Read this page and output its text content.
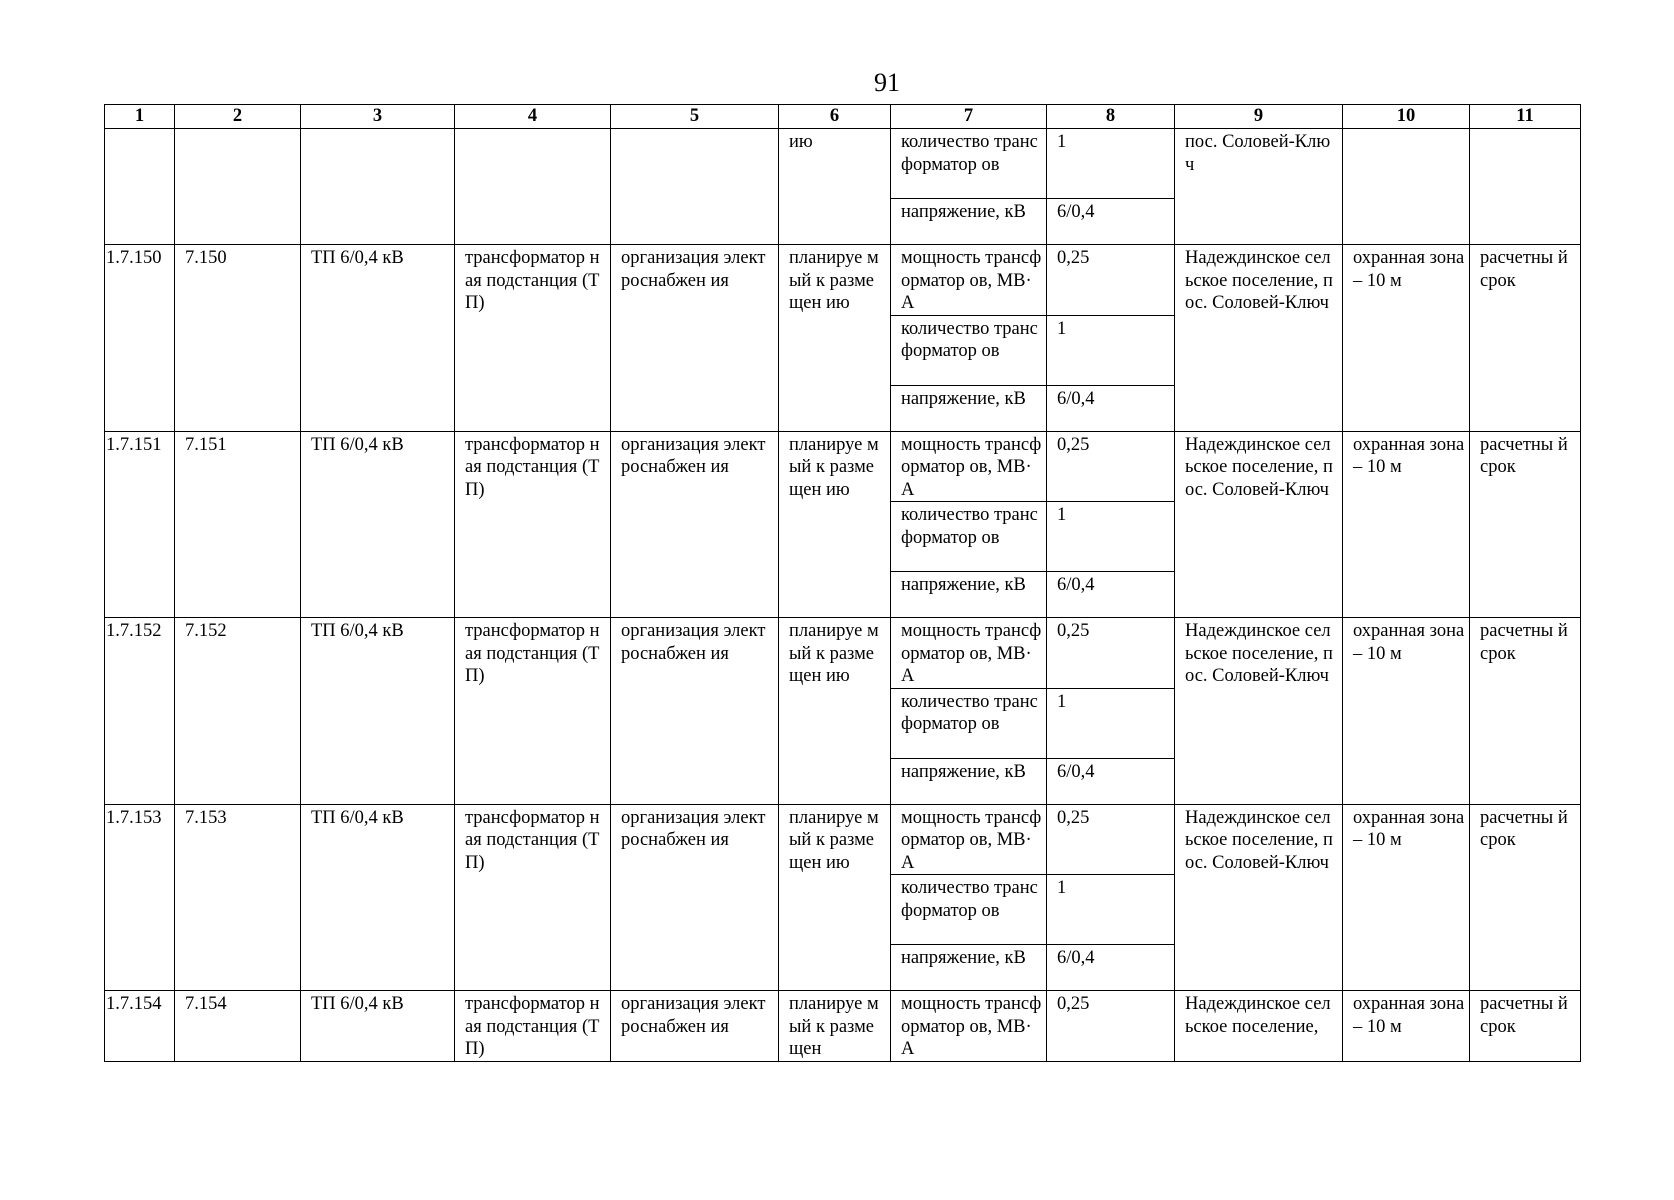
91
1	2	3	4	5	6	7	8	9	10	11
					ию	количество трансформатор ов	1	пос. Соловей-Ключ		
						напряжение, кВ	6/0,4			
1.7.150	7.150	ТП 6/0,4 кВ	трансформатор ная подстанция (ТП)	организация электроснабжен ия	планируе мый к размещен ию	мощность трансформатор ов, МВ·А	0,25	Надеждинское сельское поселение, пос. Соловей-Ключ	охранная зона – 10 м	расчетны й срок
						количество трансформатор ов	1			
						напряжение, кВ	6/0,4			
1.7.151	7.151	ТП 6/0,4 кВ	трансформатор ная подстанция (ТП)	организация электроснабжен ия	планируе мый к размещен ию	мощность трансформатор ов, МВ·А	0,25	Надеждинское сельское поселение, пос. Соловей-Ключ	охранная зона – 10 м	расчетны й срок
						количество трансформатор ов	1			
						напряжение, кВ	6/0,4			
1.7.152	7.152	ТП 6/0,4 кВ	трансформатор ная подстанция (ТП)	организация электроснабжен ия	планируе мый к размещен ию	мощность трансформатор ов, МВ·А	0,25	Надеждинское сельское поселение, пос. Соловей-Ключ	охранная зона – 10 м	расчетны й срок
						количество трансформатор ов	1			
						напряжение, кВ	6/0,4			
1.7.153	7.153	ТП 6/0,4 кВ	трансформатор ная подстанция (ТП)	организация электроснабжен ия	планируе мый к размещен ию	мощность трансформатор ов, МВ·А	0,25	Надеждинское сельское поселение, пос. Соловей-Ключ	охранная зона – 10 м	расчетны й срок
						количество трансформатор ов	1			
						напряжение, кВ	6/0,4			
1.7.154	7.154	ТП 6/0,4 кВ	трансформатор ная подстанция (ТП)	организация электроснабжен ия	планируе мый к размещен	мощность трансформатор ов, МВ·А	0,25	Надеждинское сельское поселение,	охранная зона – 10 м	расчетны й срок
